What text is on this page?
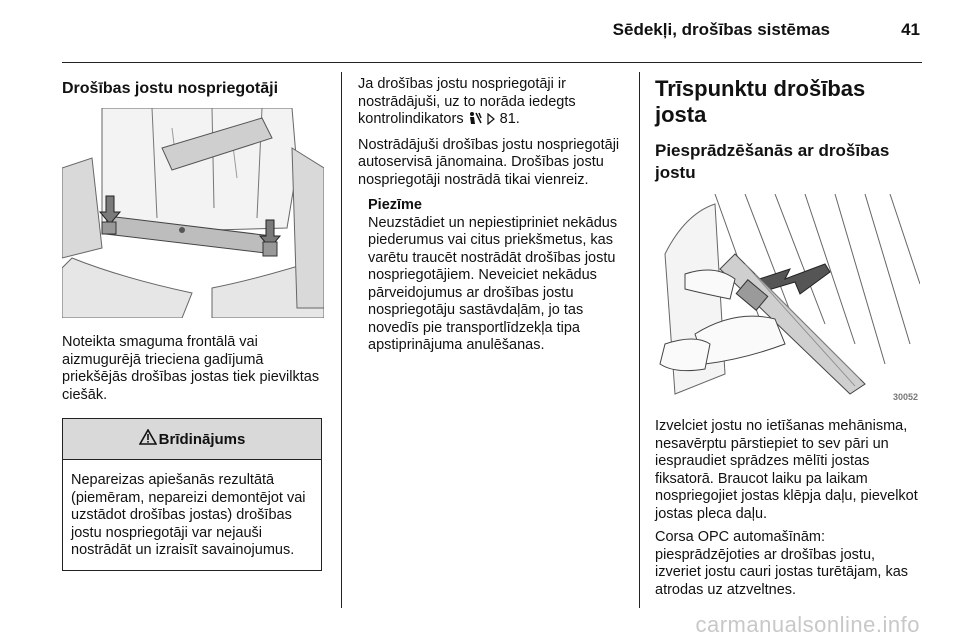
Sēdekļi, drošības sistēmas	41
Drošības jostu nospriegotāji

Noteikta smaguma frontālā vai aizmugurējā trieciena gadījumā priekšējās drošības jostas tiek pievilktas ciešāk.

Brīdinājums

Nepareizas apiešanās rezultātā (piemēram, nepareizi demontējot vai uzstādot drošības jostas) drošības jostu nospriegotāji var nejauši nostrādāt un izraisīt savainojumus.

Ja drošības jostu nospriegotāji ir nostrādājuši, uz to norāda iedegts kontrolindikators 81.

Nostrādājuši drošības jostu nospriegotāji autoservisā jānomaina. Drošības jostu nospriegotāji nostrādā tikai vienreiz.

Piezīme

Neuzstādiet un nepiestipriniet nekādus piederumus vai citus priekšmetus, kas varētu traucēt nostrādāt drošības jostu nospriegotājiem. Neveiciet nekādus pārveidojumus ar drošības jostu nospriegotāju sastāvdaļām, jo tas novedīs pie transportlīdzekļa tipa apstiprinājuma anulēšanas.

Trīspunktu drošības josta
Piesprādzēšanās ar drošības jostu
30052

Izvelciet jostu no ietīšanas mehānisma, nesavērptu pārstiepiet to sev pāri un iespraudiet sprādzes mēlīti jostas fiksatorā. Braucot laiku pa laikam nospriegojiet jostas klēpja daļu, pievelkot jostas pleca daļu.

Corsa OPC automašīnām: piesprādzējoties ar drošības jostu, izveriet jostu cauri jostas turētājam, kas atrodas uz atzveltnes.

carmanualsonline.info
